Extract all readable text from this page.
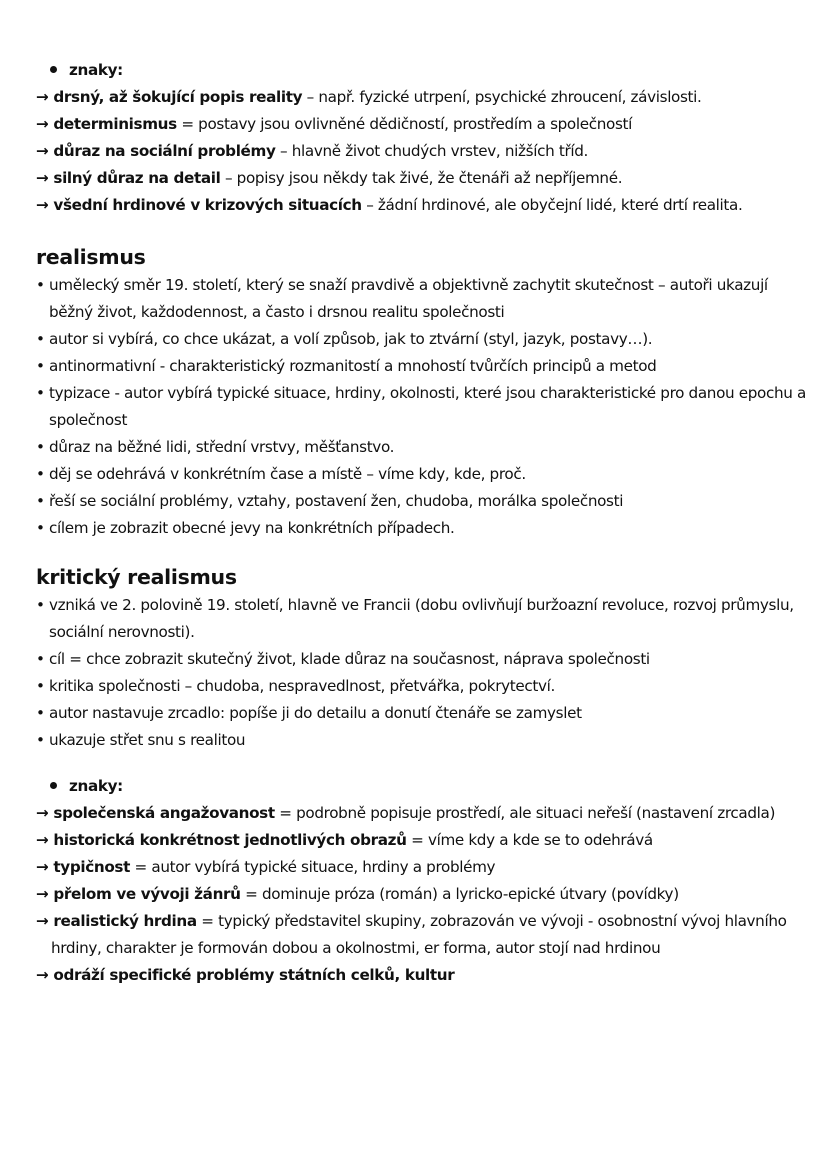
znaky:
→ drsný, až šokující popis reality – např. fyzické utrpení, psychické zhroucení, závislosti.
→ determinismus = postavy jsou ovlivněné dědičností, prostředím a společností
→ důraz na sociální problémy – hlavně život chudých vrstev, nižších tříd.
→ silný důraz na detail – popisy jsou někdy tak živé, že čtenáři až nepříjemné.
→ všední hrdinové v krizových situacích – žádní hrdinové, ale obyčejní lidé, které drtí realita.
realismus
• umělecký směr 19. století, který se snaží pravdivě a objektivně zachytit skutečnost – autoři ukazují běžný život, každodennost, a často i drsnou realitu společnosti
• autor si vybírá, co chce ukázat, a volí způsob, jak to ztvární (styl, jazyk, postavy…).
• antinormativní - charakteristický rozmanitostí a mnohostí tvůrčích principů a metod
• typizace - autor vybírá typické situace, hrdiny, okolnosti, které jsou charakteristické pro danou epochu a společnost
• důraz na běžné lidi, střední vrstvy, měšťanstvo.
• děj se odehrává v konkrétním čase a místě – víme kdy, kde, proč.
• řeší se sociální problémy, vztahy, postavení žen, chudoba, morálka společnosti
• cílem je zobrazit obecné jevy na konkrétních případech.
kritický realismus
• vzniká ve 2. polovině 19. století, hlavně ve Francii (dobu ovlivňují buržoazní revoluce, rozvoj průmyslu, sociální nerovnosti).
• cíl = chce zobrazit skutečný život, klade důraz na současnost, náprava společnosti
• kritika společnosti – chudoba, nespravedlnost, přetvářka, pokrytectví.
• autor nastavuje zrcadlo: popíše ji do detailu a donutí čtenáře se zamyslet
• ukazuje střet snu s realitou
znaky:
→ společenská angažovanost = podrobně popisuje prostředí, ale situaci neřeší (nastavení zrcadla)
→ historická konkrétnost jednotlivých obrazů = víme kdy a kde se to odehrává
→ typičnost = autor vybírá typické situace, hrdiny a problémy
→ přelom ve vývoji žánrů = dominuje próza (román) a lyricko-epické útvary (povídky)
→ realistický hrdina = typický představitel skupiny, zobrazován ve vývoji - osobnostní vývoj hlavního hrdiny, charakter je formován dobou a okolnostmi, er forma, autor stojí nad hrdinou
→ odráží specifické problémy státních celků, kultur
